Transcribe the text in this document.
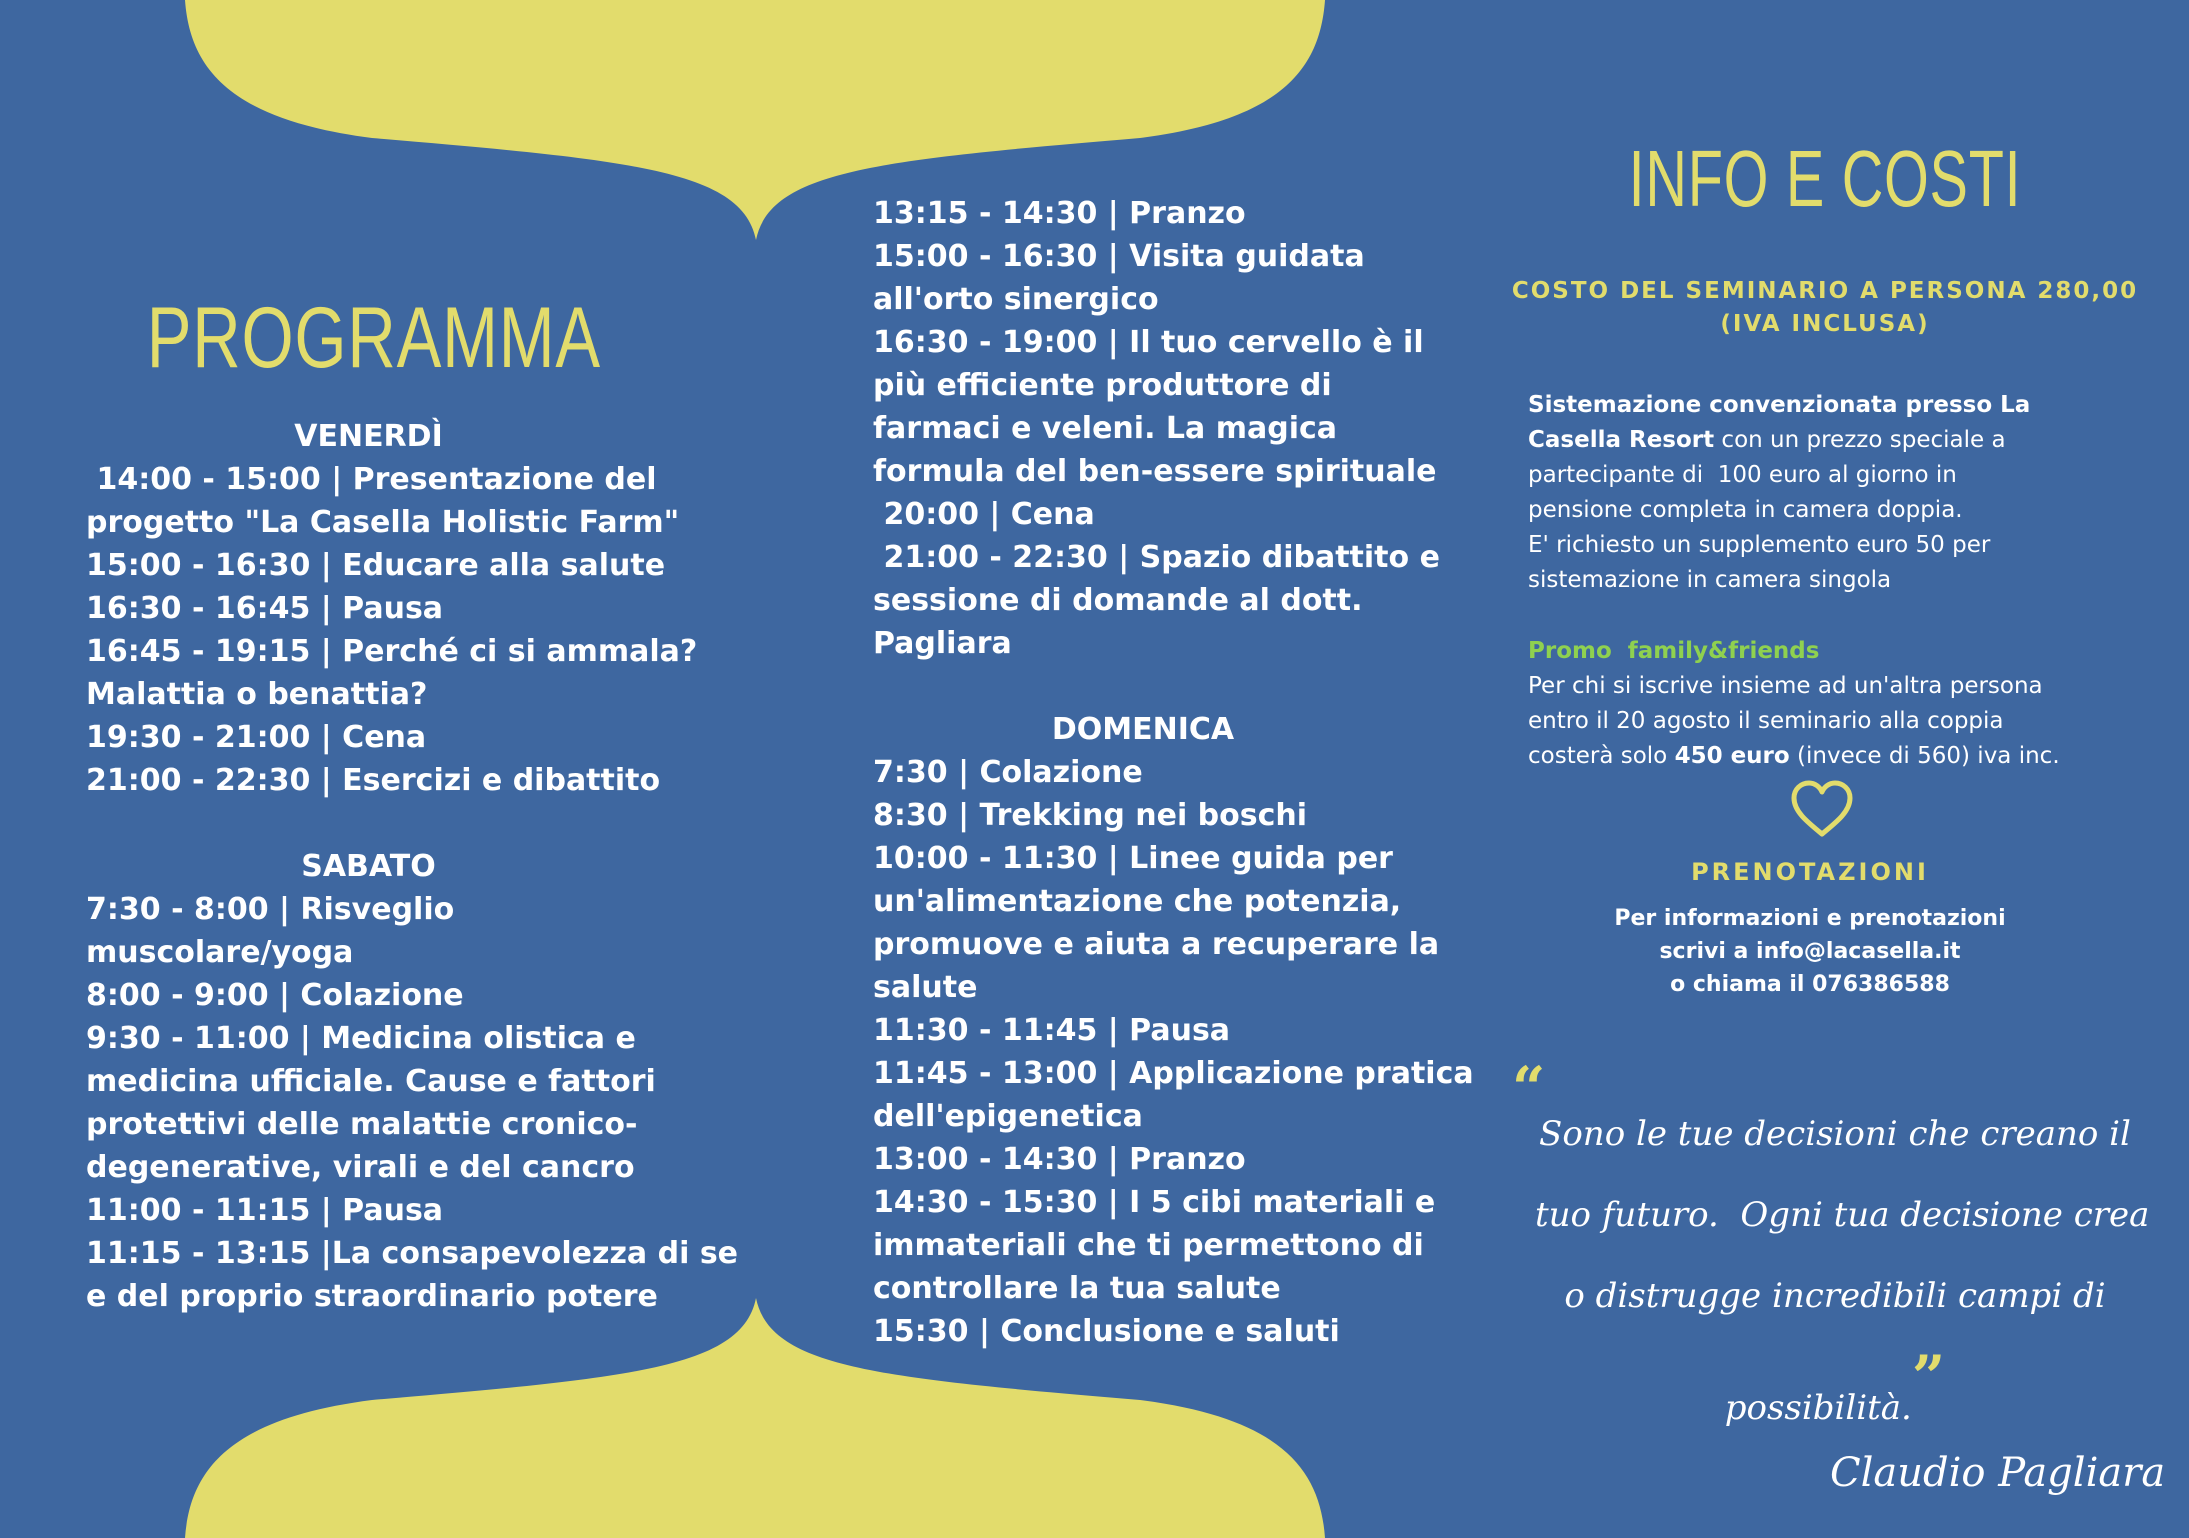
PROGRAMMA

VENERDÌ

14:00 - 15:00 | Presentazione del

progetto "La Casella Holistic Farm"

15:00 - 16:30 | Educare alla salute

16:30 - 16:45 | Pausa

16:45 - 19:15 | Perché ci si ammala?

Malattia o benattia?

19:30 - 21:00 | Cena

21:00 - 22:30 | Esercizi e dibattito

SABATO

7:30 - 8:00 | Risveglio

muscolare/yoga

8:00 - 9:00 | Colazione

9:30 - 11:00 | Medicina olistica e

medicina ufficiale. Cause e fattori

protettivi delle malattie cronico-

degenerative, virali e del cancro

11:00 - 11:15 | Pausa

11:15 - 13:15 |La consapevolezza di se

e del proprio straordinario potere

13:15 - 14:30 | Pranzo

15:00 - 16:30 | Visita guidata

all'orto sinergico

16:30 - 19:00 | Il tuo cervello è il

più efficiente produttore di

farmaci e veleni. La magica

formula del ben-essere spirituale

20:00 | Cena

21:00 - 22:30 | Spazio dibattito e

sessione di domande al dott.

Pagliara

DOMENICA

7:30 | Colazione

8:30 | Trekking nei boschi

10:00 - 11:30 | Linee guida per

un'alimentazione che potenzia,

promuove e aiuta a recuperare la

salute

11:30 - 11:45 | Pausa

11:45 - 13:00 | Applicazione pratica

dell'epigenetica

13:00 - 14:30 | Pranzo

14:30 - 15:30 | I 5 cibi materiali e

immateriali che ti permettono di

controllare la tua salute

15:30 | Conclusione e saluti

INFO E COSTI

COSTO DEL SEMINARIO A PERSONA 280,00

(IVA INCLUSA)

Sistemazione convenzionata presso La

Casella Resort con un prezzo speciale a

partecipante di  100 euro al giorno in

pensione completa in camera doppia.

E' richiesto un supplemento euro 50 per

sistemazione in camera singola

Promo  family&friends

Per chi si iscrive insieme ad un'altra persona

entro il 20 agosto il seminario alla coppia

costerà solo 450 euro (invece di 560) iva inc.

PRENOTAZIONI

Per informazioni e prenotazioni

scrivi a info@lacasella.it

o chiama il 076386588

“

Sono le tue decisioni che creano il

tuo futuro.  Ogni tua decisione crea

o distrugge incredibili campi di

possibilità.”

Claudio Pagliara
